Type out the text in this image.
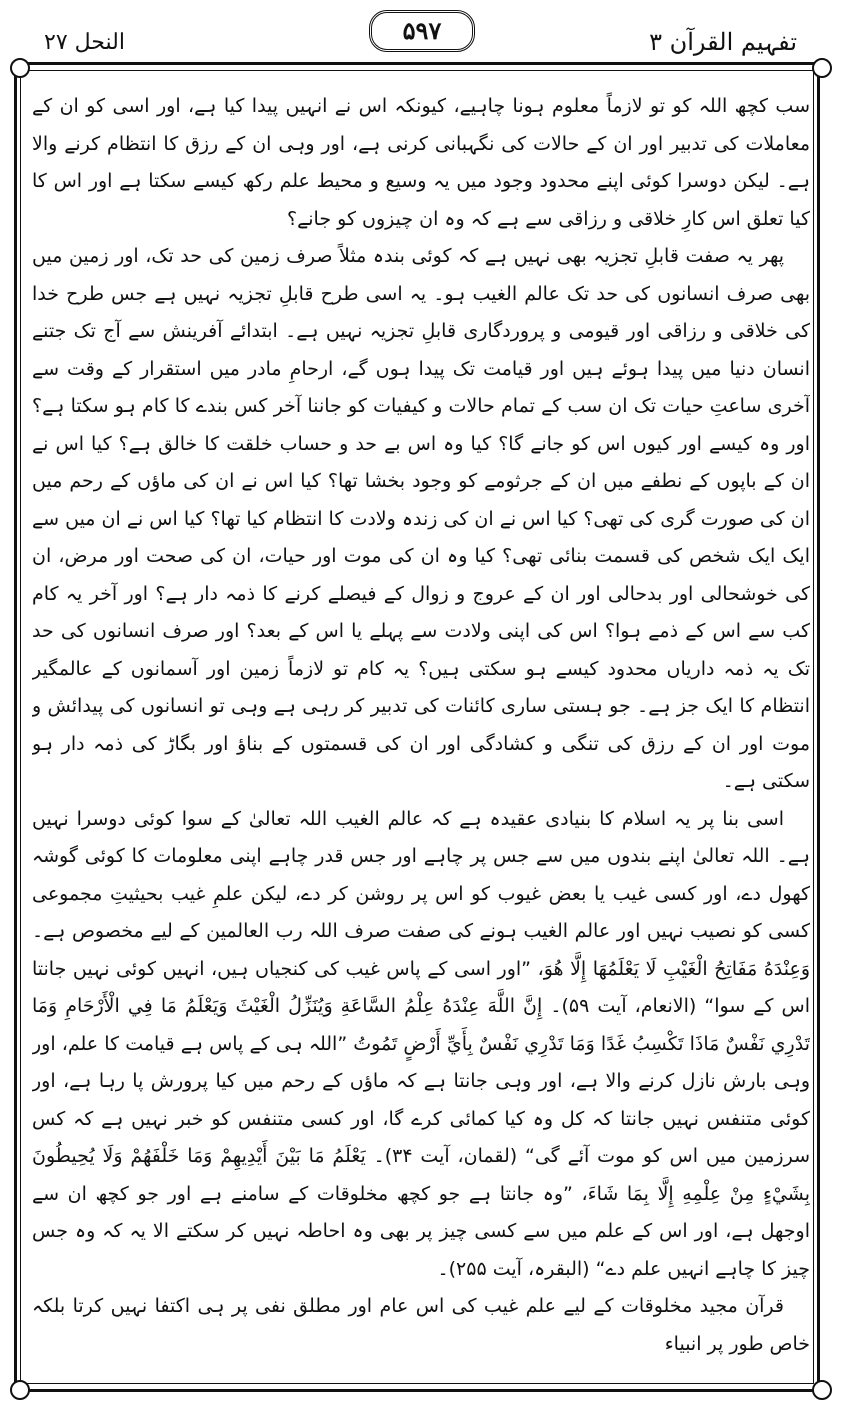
النحل ۲۷	۵۹۷	تفہیم القرآن ۳

سب کچھ اللہ کو تو لازماً معلوم ہونا چاہیے، کیونکہ اس نے انہیں پیدا کیا ہے، اور اسی کو ان کے معاملات کی تدبیر اور ان کے حالات کی نگہبانی کرنی ہے، اور وہی ان کے رزق کا انتظام کرنے والا ہے۔ لیکن دوسرا کوئی اپنے محدود وجود میں یہ وسیع و محیط علم رکھ کیسے سکتا ہے اور اس کا کیا تعلق اس کارِ خلاقی و رزاقی سے ہے کہ وہ ان چیزوں کو جانے؟

پھر یہ صفت قابلِ تجزیہ بھی نہیں ہے کہ کوئی بندہ مثلاً صرف زمین کی حد تک، اور زمین میں بھی صرف انسانوں کی حد تک عالم الغیب ہو۔ یہ اسی طرح قابلِ تجزیہ نہیں ہے جس طرح خدا کی خلاقی و رزاقی اور قیومی و پروردگاری قابلِ تجزیہ نہیں ہے۔ ابتدائے آفرینش سے آج تک جتنے انسان دنیا میں پیدا ہوئے ہیں اور قیامت تک پیدا ہوں گے، ارحامِ مادر میں استقرار کے وقت سے آخری ساعتِ حیات تک ان سب کے تمام حالات و کیفیات کو جاننا آخر کس بندے کا کام ہو سکتا ہے؟ اور وہ کیسے اور کیوں اس کو جانے گا؟ کیا وہ اس بے حد و حساب خلقت کا خالق ہے؟ کیا اس نے ان کے باپوں کے نطفے میں ان کے جرثومے کو وجود بخشا تھا؟ کیا اس نے ان کی ماؤں کے رحم میں ان کی صورت گری کی تھی؟ کیا اس نے ان کی زندہ ولادت کا انتظام کیا تھا؟ کیا اس نے ان میں سے ایک ایک شخص کی قسمت بنائی تھی؟ کیا وہ ان کی موت اور حیات، ان کی صحت اور مرض، ان کی خوشحالی اور بدحالی اور ان کے عروج و زوال کے فیصلے کرنے کا ذمہ دار ہے؟ اور آخر یہ کام کب سے اس کے ذمے ہوا؟ اس کی اپنی ولادت سے پہلے یا اس کے بعد؟ اور صرف انسانوں کی حد تک یہ ذمہ داریاں محدود کیسے ہو سکتی ہیں؟ یہ کام تو لازماً زمین اور آسمانوں کے عالمگیر انتظام کا ایک جز ہے۔ جو ہستی ساری کائنات کی تدبیر کر رہی ہے وہی تو انسانوں کی پیدائش و موت اور ان کے رزق کی تنگی و کشادگی اور ان کی قسمتوں کے بناؤ اور بگاڑ کی ذمہ دار ہو سکتی ہے۔

اسی بنا پر یہ اسلام کا بنیادی عقیدہ ہے کہ عالم الغیب اللہ تعالیٰ کے سوا کوئی دوسرا نہیں ہے۔ اللہ تعالیٰ اپنے بندوں میں سے جس پر چاہے اور جس قدر چاہے اپنی معلومات کا کوئی گوشہ کھول دے، اور کسی غیب یا بعض غیوب کو اس پر روشن کر دے، لیکن علمِ غیب بحیثیتِ مجموعی کسی کو نصیب نہیں اور عالم الغیب ہونے کی صفت صرف اللہ رب العالمین کے لیے مخصوص ہے۔ وَعِنْدَهُ مَفَاتِحُ الْغَيْبِ لَا يَعْلَمُهَا إِلَّا هُوَ، ”اور اسی کے پاس غیب کی کنجیاں ہیں، انہیں کوئی نہیں جانتا اس کے سوا“ (الانعام، آیت ۵۹)۔ إِنَّ اللَّهَ عِنْدَهُ عِلْمُ السَّاعَةِ وَيُنَزِّلُ الْغَيْثَ وَيَعْلَمُ مَا فِي الْأَرْحَامِ وَمَا تَدْرِي نَفْسٌ مَاذَا تَكْسِبُ غَدًا وَمَا تَدْرِي نَفْسٌ بِأَيِّ أَرْضٍ تَمُوتُ ”اللہ ہی کے پاس ہے قیامت کا علم، اور وہی بارش نازل کرنے والا ہے، اور وہی جانتا ہے کہ ماؤں کے رحم میں کیا پرورش پا رہا ہے، اور کوئی متنفس نہیں جانتا کہ کل وہ کیا کمائی کرے گا، اور کسی متنفس کو خبر نہیں ہے کہ کس سرزمین میں اس کو موت آئے گی“ (لقمان، آیت ۳۴)۔ يَعْلَمُ مَا بَيْنَ أَيْدِيهِمْ وَمَا خَلْفَهُمْ وَلَا يُحِيطُونَ بِشَيْءٍ مِنْ عِلْمِهِ إِلَّا بِمَا شَاءَ، ”وہ جانتا ہے جو کچھ مخلوقات کے سامنے ہے اور جو کچھ ان سے اوجھل ہے، اور اس کے علم میں سے کسی چیز پر بھی وہ احاطہ نہیں کر سکتے الا یہ کہ وہ جس چیز کا چاہے انہیں علم دے“ (البقرہ، آیت ۲۵۵)۔

قرآن مجید مخلوقات کے لیے علم غیب کی اس عام اور مطلق نفی پر ہی اکتفا نہیں کرتا بلکہ خاص طور پر انبیاء
